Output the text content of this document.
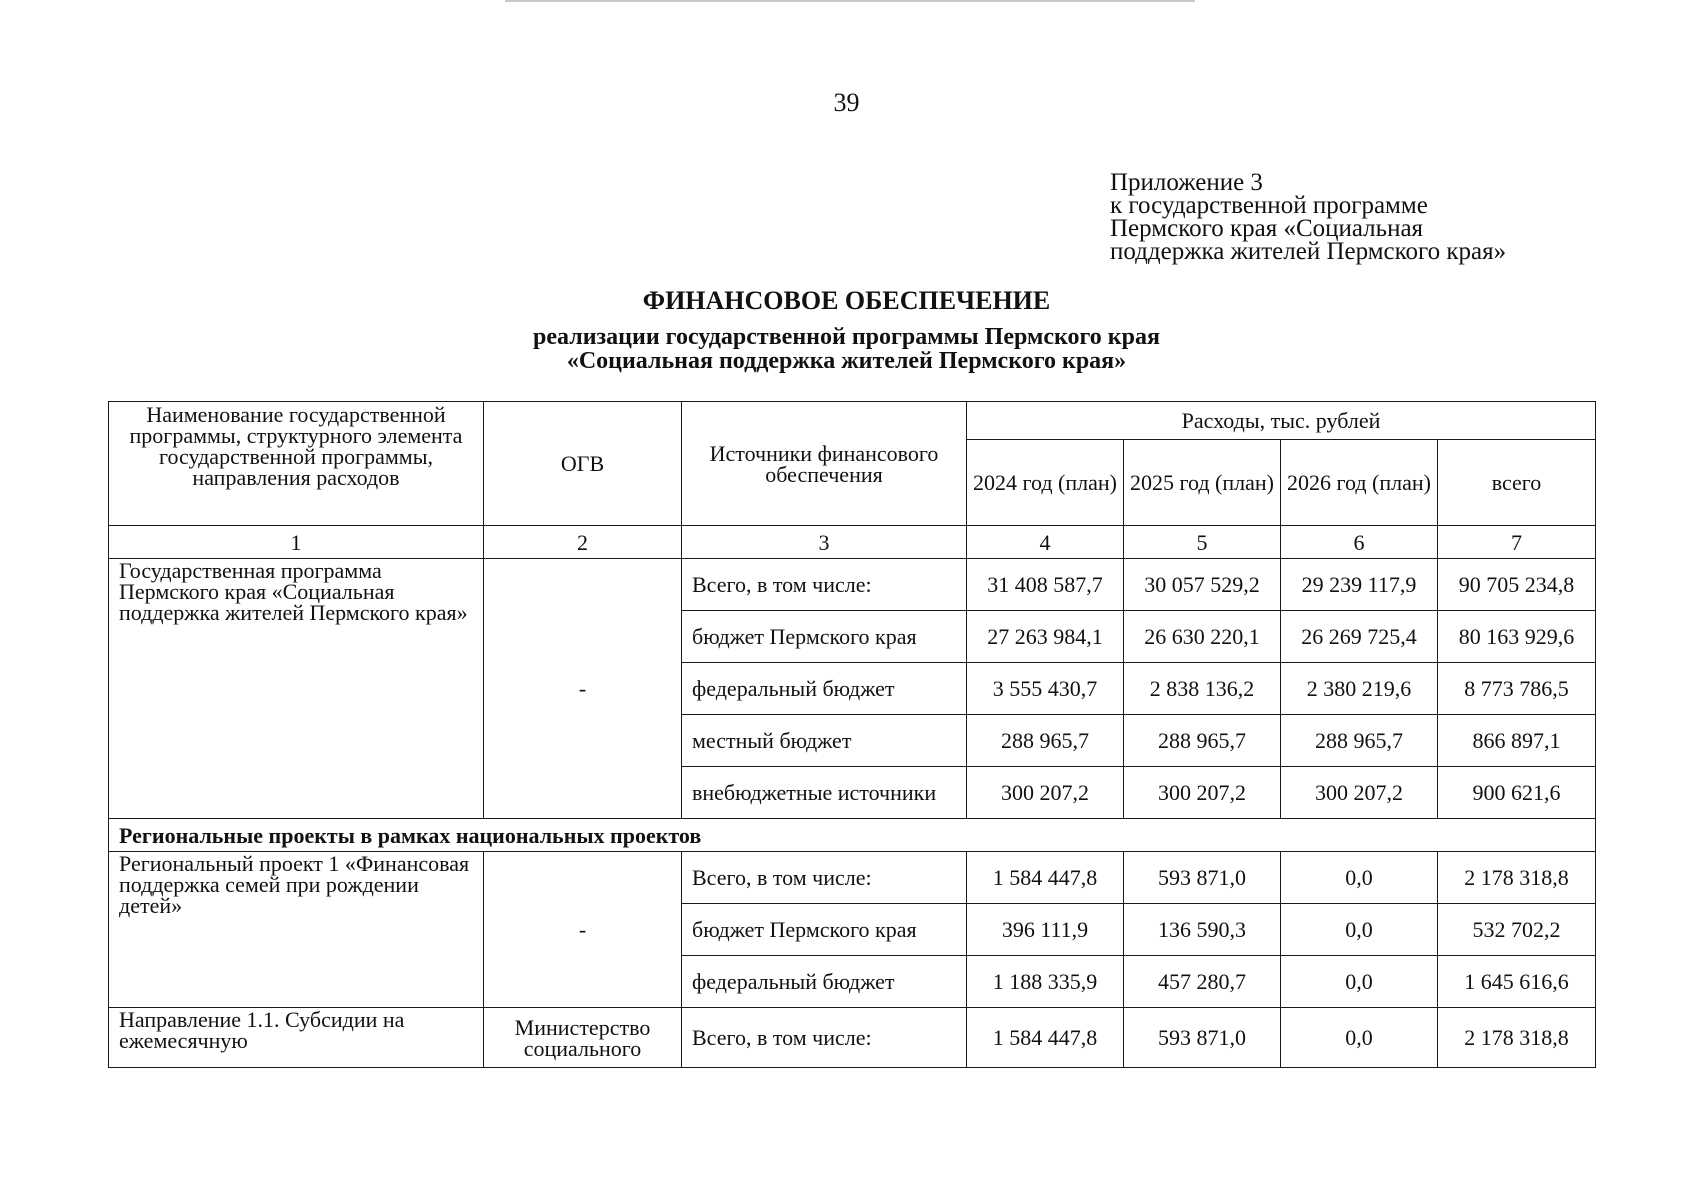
39
Приложение 3
к государственной программе
Пермского края «Социальная
поддержка жителей Пермского края»
ФИНАНСОВОЕ ОБЕСПЕЧЕНИЕ
реализации государственной программы Пермского края
«Социальная поддержка жителей Пермского края»
Наименование государственной программы, структурного элемента государственной программы, направления расходов	ОГВ	Источники финансового обеспечения	Расходы, тыс. рублей			
			2024 год (план)	2025 год (план)	2026 год (план)	всего
1	2	3	4	5	6	7
Государственная программа Пермского края «Социальная поддержка жителей Пермского края»	-	Всего, в том числе:	31 408 587,7	30 057 529,2	29 239 117,9	90 705 234,8
		бюджет Пермского края	27 263 984,1	26 630 220,1	26 269 725,4	80 163 929,6
		федеральный бюджет	3 555 430,7	2 838 136,2	2 380 219,6	8 773 786,5
		местный бюджет	288 965,7	288 965,7	288 965,7	866 897,1
		внебюджетные источники	300 207,2	300 207,2	300 207,2	900 621,6
Региональные проекты в рамках национальных проектов						
Региональный проект 1 «Финансовая поддержка семей при рождении детей»	-	Всего, в том числе:	1 584 447,8	593 871,0	0,0	2 178 318,8
		бюджет Пермского края	396 111,9	136 590,3	0,0	532 702,2
		федеральный бюджет	1 188 335,9	457 280,7	0,0	1 645 616,6
Направление 1.1. Субсидии на ежемесячную	Министерство социального	Всего, в том числе:	1 584 447,8	593 871,0	0,0	2 178 318,8
